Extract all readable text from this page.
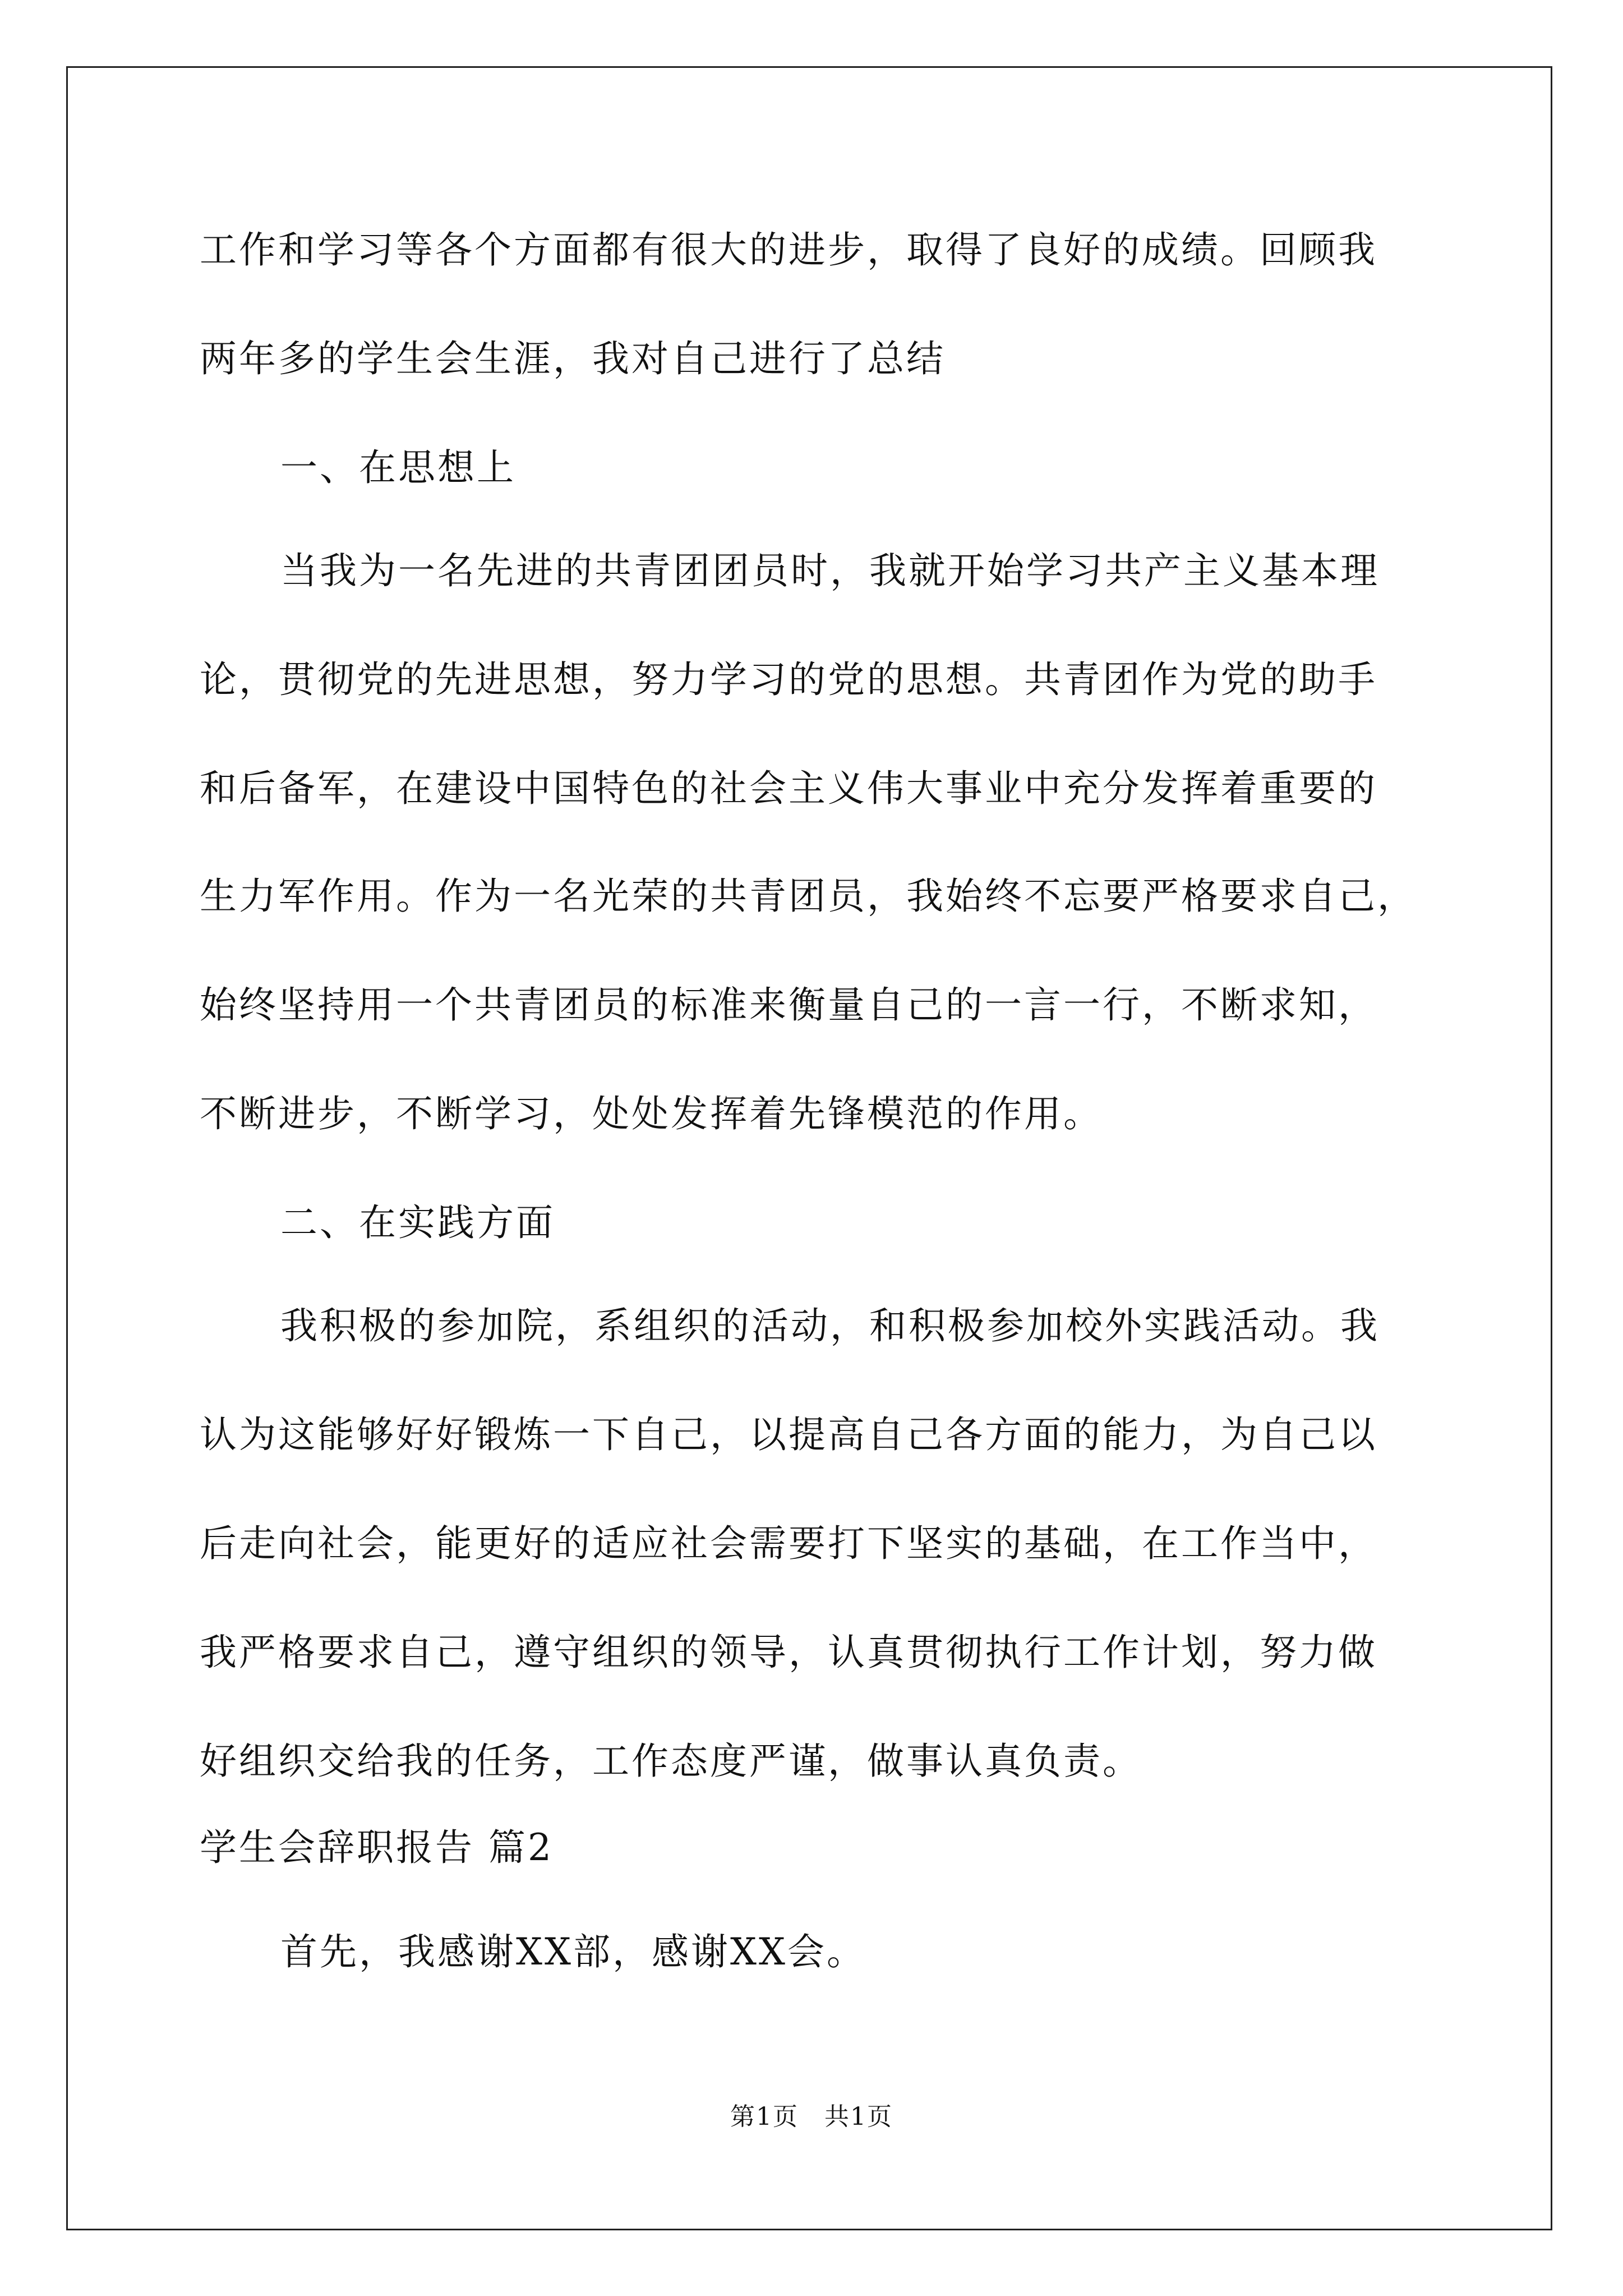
工作和学习等各个方面都有很大的进步，取得了良好的成绩。回顾我
两年多的学生会生涯，我对自己进行了总结
一、在思想上
当我为一名先进的共青团团员时，我就开始学习共产主义基本理
论，贯彻党的先进思想，努力学习的党的思想。共青团作为党的助手
和后备军，在建设中国特色的社会主义伟大事业中充分发挥着重要的
生力军作用。作为一名光荣的共青团员，我始终不忘要严格要求自己，
始终坚持用一个共青团员的标准来衡量自己的一言一行，不断求知，
不断进步，不断学习，处处发挥着先锋模范的作用。
二、在实践方面
我积极的参加院，系组织的活动，和积极参加校外实践活动。我
认为这能够好好锻炼一下自己，以提高自己各方面的能力，为自己以
后走向社会，能更好的适应社会需要打下坚实的基础，在工作当中，
我严格要求自己，遵守组织的领导，认真贯彻执行工作计划，努力做
好组织交给我的任务，工作态度严谨，做事认真负责。
学生会辞职报告 篇2
首先，我感谢XX部，感谢XX会。
第1页　共1页
